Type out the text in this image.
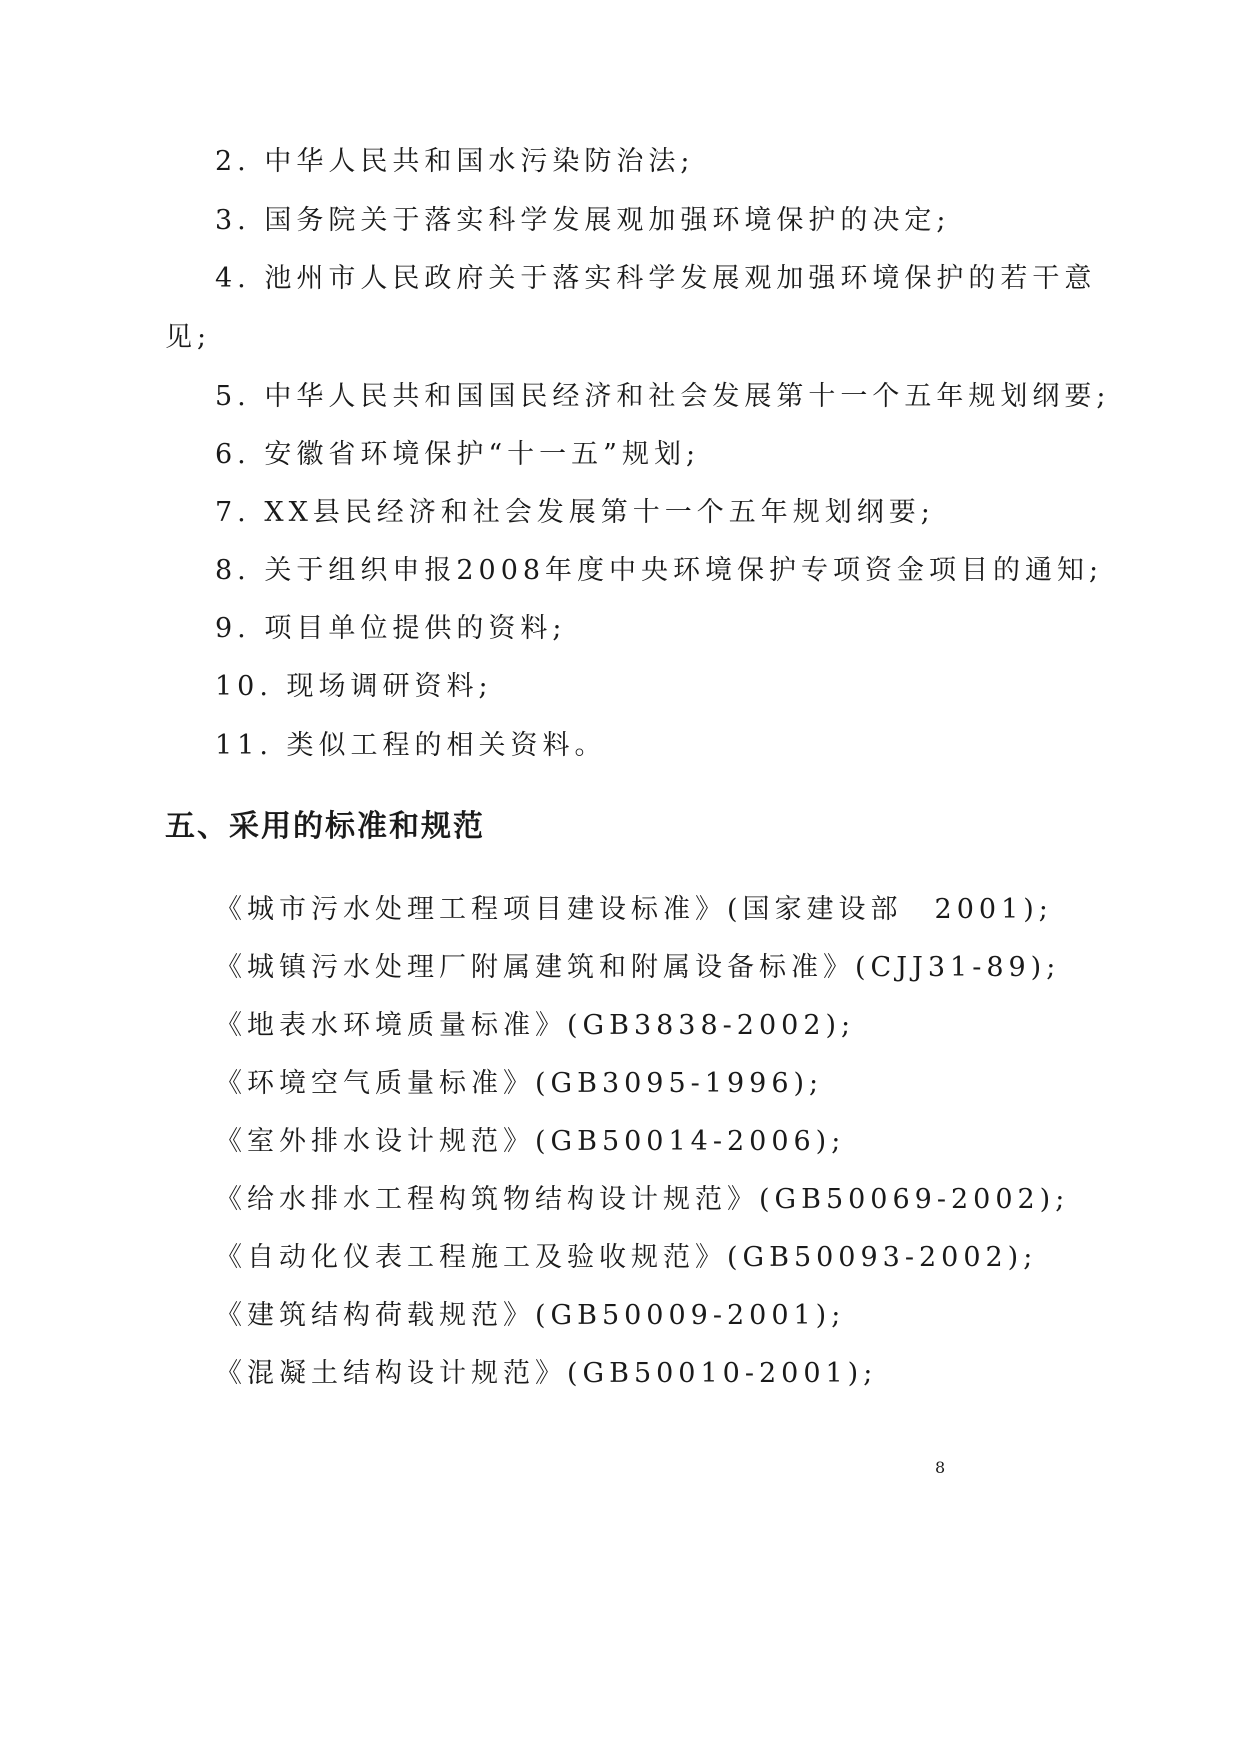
2. 中华人民共和国水污染防治法;
3. 国务院关于落实科学发展观加强环境保护的决定;
4. 池州市人民政府关于落实科学发展观加强环境保护的若干意
见;
5. 中华人民共和国国民经济和社会发展第十一个五年规划纲要;
6. 安徽省环境保护“十一五”规划;
7. XX县民经济和社会发展第十一个五年规划纲要;
8. 关于组织申报2008年度中央环境保护专项资金项目的通知;
9. 项目单位提供的资料;
10. 现场调研资料;
11. 类似工程的相关资料。
五、采用的标准和规范
《城市污水处理工程项目建设标准》(国家建设部　2001);
《城镇污水处理厂附属建筑和附属设备标准》(CJJ31-89);
《地表水环境质量标准》(GB3838-2002);
《环境空气质量标准》(GB3095-1996);
《室外排水设计规范》(GB50014-2006);
《给水排水工程构筑物结构设计规范》(GB50069-2002);
《自动化仪表工程施工及验收规范》(GB50093-2002);
《建筑结构荷载规范》(GB50009-2001);
《混凝土结构设计规范》(GB50010-2001);
8
